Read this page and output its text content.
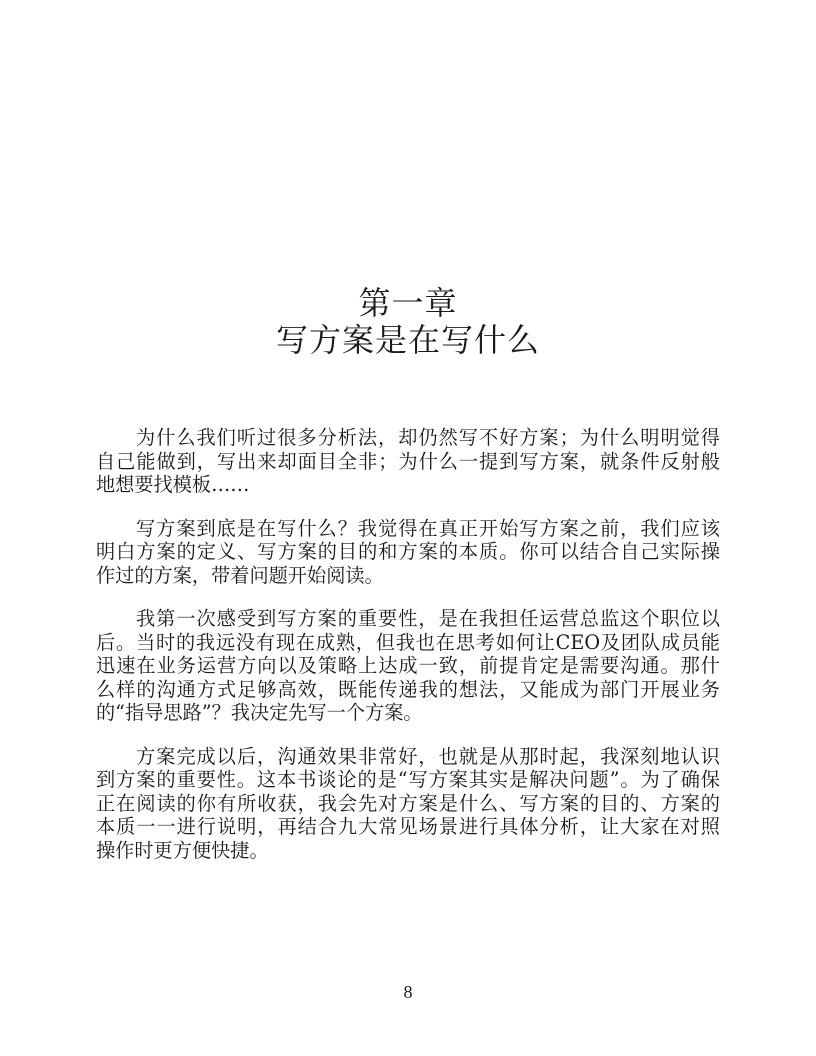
第一章
写方案是在写什么
为什么我们听过很多分析法，却仍然写不好方案；为什么明明觉得
自己能做到，写出来却面目全非；为什么一提到写方案，就条件反射般
地想要找模板……
写方案到底是在写什么？我觉得在真正开始写方案之前，我们应该
明白方案的定义、写方案的目的和方案的本质。你可以结合自己实际操
作过的方案，带着问题开始阅读。
我第一次感受到写方案的重要性，是在我担任运营总监这个职位以
后。当时的我远没有现在成熟，但我也在思考如何让CEO及团队成员能
迅速在业务运营方向以及策略上达成一致，前提肯定是需要沟通。那什
么样的沟通方式足够高效，既能传递我的想法，又能成为部门开展业务
的“指导思路”？我决定先写一个方案。
方案完成以后，沟通效果非常好，也就是从那时起，我深刻地认识
到方案的重要性。这本书谈论的是“写方案其实是解决问题”。为了确保
正在阅读的你有所收获，我会先对方案是什么、写方案的目的、方案的
本质一一进行说明，再结合九大常见场景进行具体分析，让大家在对照
操作时更方便快捷。
8
